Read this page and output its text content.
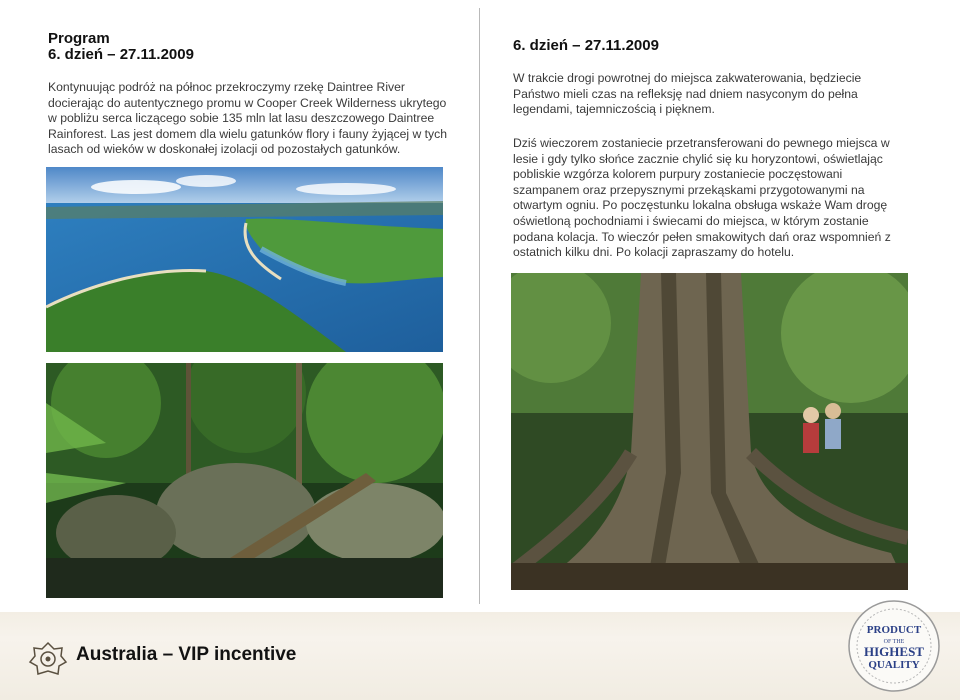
Program
6. dzień – 27.11.2009
Kontynuując podróż na północ przekroczymy rzekę Daintree River docierając do autentycznego promu w Cooper Creek Wilderness ukrytego w pobliżu serca liczącego sobie 135 mln lat lasu deszczowego Daintree Rainforest. Las jest domem dla wielu gatunków flory i fauny żyjącej w tych lasach od wieków w doskonałej izolacji od pozostałych gatunków.
6. dzień – 27.11.2009
W trakcie drogi powrotnej do miejsca zakwaterowania, będziecie Państwo mieli czas na refleksję nad dniem nasyconym do pełna legendami, tajemniczością i pięknem.
Dziś wieczorem zostaniecie przetransferowani do pewnego miejsca w lesie i gdy tylko słońce zacznie chylić się ku horyzontowi, oświetlając pobliskie wzgórza kolorem purpury zostaniecie poczęstowani szampanem oraz przepysznymi przekąskami przygotowanymi na otwartym ogniu. Po poczęstunku lokalna obsługa wskaże Wam drogę oświetloną pochodniami i świecami do miejsca, w którym zostanie podana kolacja. To wieczór pełen smakowitych dań oraz wspomnień z ostatnich kilku dni. Po kolacji zapraszamy do hotelu.
Australia – VIP incentive
PRODUCT
OF THE
HIGHEST
QUALITY
